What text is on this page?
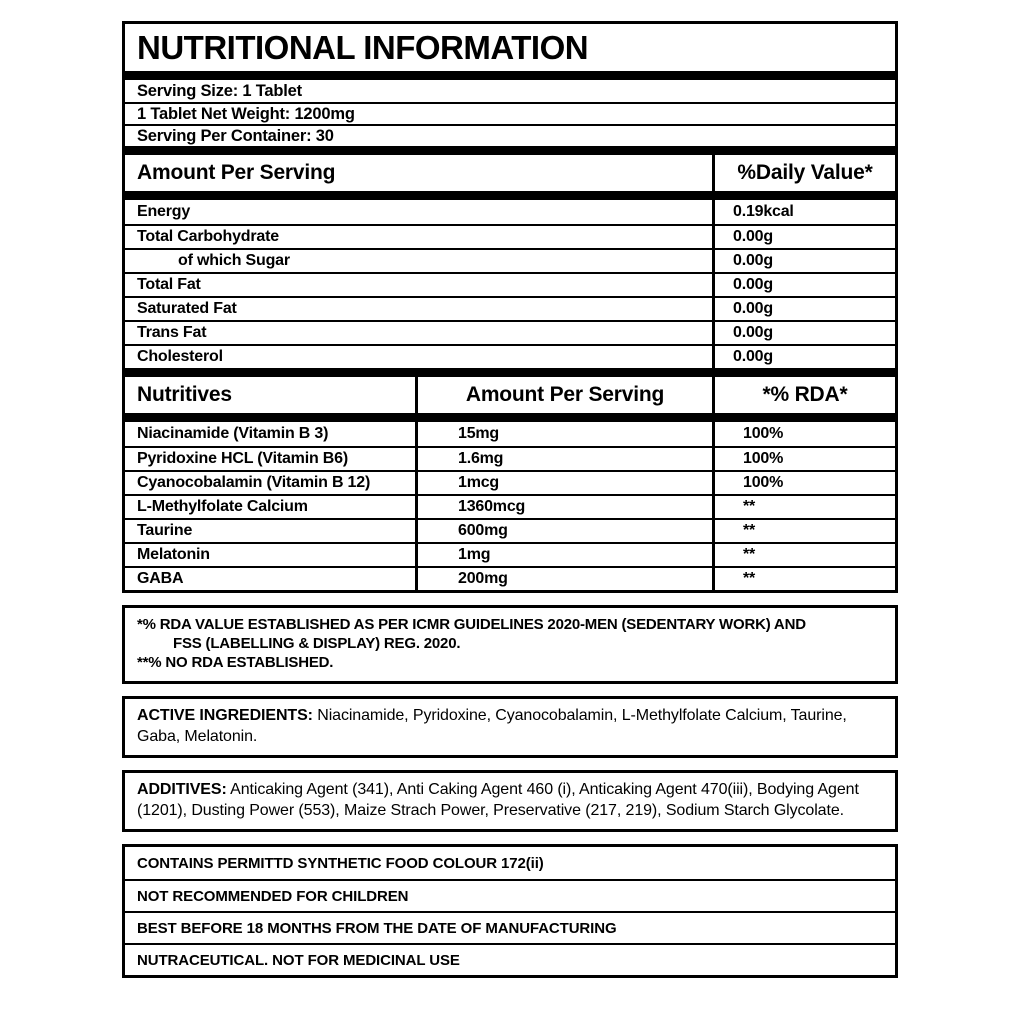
NUTRITIONAL INFORMATION
Serving Size: 1 Tablet
1 Tablet Net Weight: 1200mg
Serving Per Container: 30
Amount Per Serving	%Daily Value*
Energy	0.19kcal
Total Carbohydrate	0.00g
of which Sugar	0.00g
Total Fat	0.00g
Saturated Fat	0.00g
Trans Fat	0.00g
Cholesterol	0.00g
Nutritives	Amount Per Serving	*% RDA*
Niacinamide (Vitamin B 3)	15mg	100%
Pyridoxine HCL (Vitamin B6)	1.6mg	100%
Cyanocobalamin (Vitamin B 12)	1mcg	100%
L-Methylfolate Calcium	1360mcg	**
Taurine	600mg	**
Melatonin	1mg	**
GABA	200mg	**
*% RDA VALUE ESTABLISHED AS PER ICMR GUIDELINES 2020-MEN (SEDENTARY WORK) AND
FSS (LABELLING & DISPLAY) REG. 2020.
**% NO RDA ESTABLISHED.

ACTIVE INGREDIENTS: Niacinamide, Pyridoxine, Cyanocobalamin, L-Methylfolate Calcium, Taurine, Gaba, Melatonin.

ADDITIVES: Anticaking Agent (341), Anti Caking Agent 460 (i), Anticaking Agent 470(iii), Bodying Agent (1201), Dusting Power (553), Maize Strach Power, Preservative (217, 219), Sodium Starch Glycolate.

CONTAINS PERMITTD SYNTHETIC FOOD COLOUR 172(ii)
NOT RECOMMENDED FOR CHILDREN
BEST BEFORE 18 MONTHS FROM THE DATE OF MANUFACTURING
NUTRACEUTICAL. NOT FOR MEDICINAL USE
